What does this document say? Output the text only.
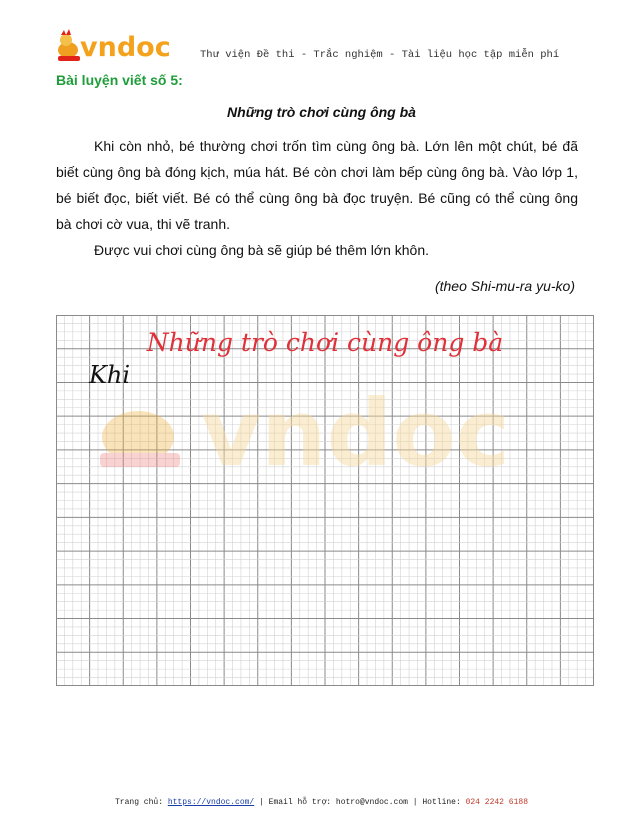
vndoc	Thư viện Đề thi - Trắc nghiệm - Tài liệu học tập miễn phí
Bài luyện viết số 5:
Những trò chơi cùng ông bà

Khi còn nhỏ, bé thường chơi trốn tìm cùng ông bà. Lớn lên một chút, bé đã biết cùng ông bà đóng kịch, múa hát. Bé còn chơi làm bếp cùng ông bà. Vào lớp 1, bé biết đọc, biết viết. Bé có thể cùng ông bà đọc truyện. Bé cũng có thể cùng ông bà chơi cờ vua, thi vẽ tranh.

Được vui chơi cùng ông bà sẽ giúp bé thêm lớn khôn.

(theo Shi-mu-ra yu-ko)
vndoc
Những trò chơi cùng ông bà
Khi
Trang chủ: https://vndoc.com/ | Email hỗ trợ: hotro@vndoc.com | Hotline: 024 2242 6188
